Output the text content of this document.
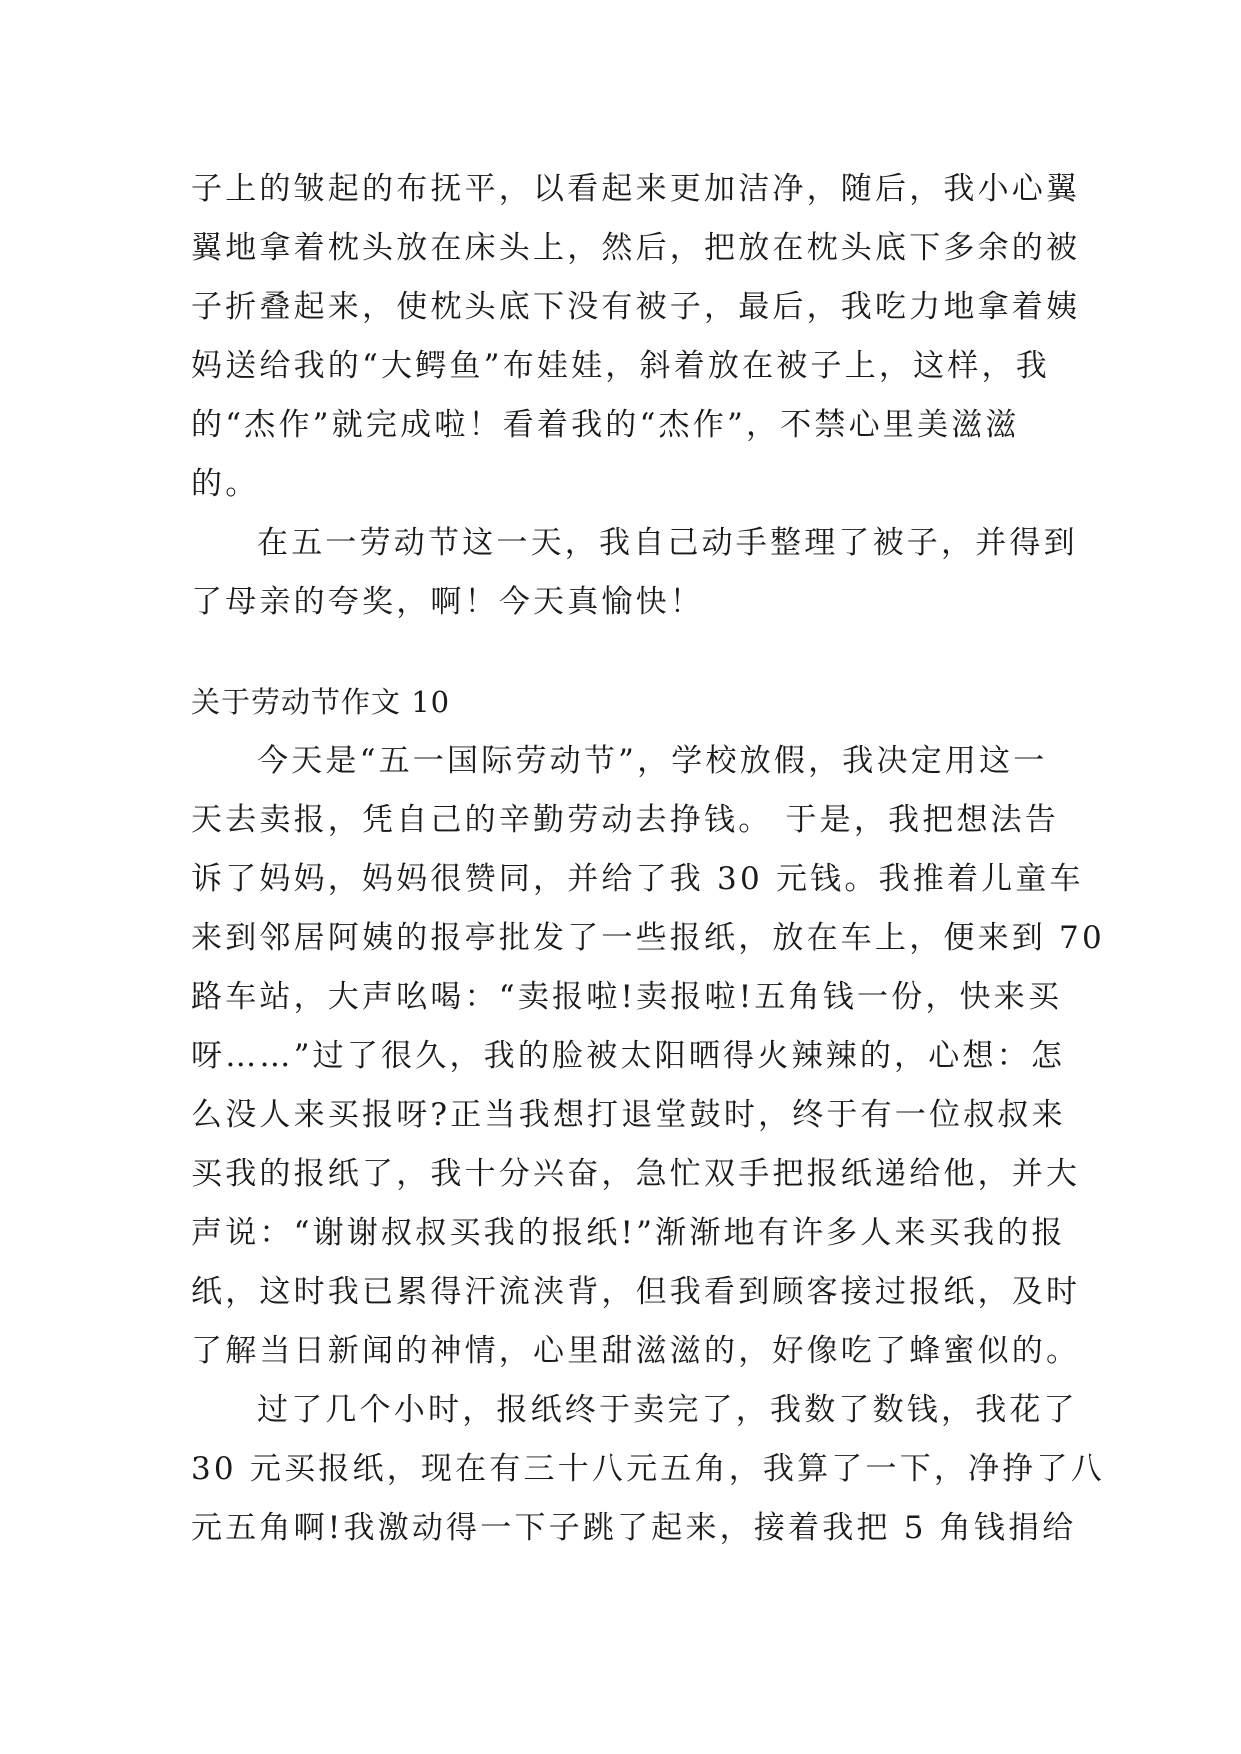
子上的皱起的布抚平，以看起来更加洁净，随后，我小心翼
翼地拿着枕头放在床头上，然后，把放在枕头底下多余的被
子折叠起来，使枕头底下没有被子，最后，我吃力地拿着姨
妈送给我的“大鳄鱼”布娃娃，斜着放在被子上，这样，我
的“杰作”就完成啦！看着我的“杰作”，不禁心里美滋滋
的。
在五一劳动节这一天，我自己动手整理了被子，并得到
了母亲的夸奖，啊！今天真愉快！
关于劳动节作文 10
今天是“五一国际劳动节”，学校放假，我决定用这一
天去卖报，凭自己的辛勤劳动去挣钱。 于是，我把想法告
诉了妈妈，妈妈很赞同，并给了我 30 元钱。我推着儿童车
来到邻居阿姨的报亭批发了一些报纸，放在车上，便来到 70
路车站，大声吆喝：“卖报啦!卖报啦!五角钱一份，快来买
呀……”过了很久，我的脸被太阳晒得火辣辣的，心想：怎
么没人来买报呀?正当我想打退堂鼓时，终于有一位叔叔来
买我的报纸了，我十分兴奋，急忙双手把报纸递给他，并大
声说：“谢谢叔叔买我的报纸!”渐渐地有许多人来买我的报
纸，这时我已累得汗流浃背，但我看到顾客接过报纸，及时
了解当日新闻的神情，心里甜滋滋的，好像吃了蜂蜜似的。
过了几个小时，报纸终于卖完了，我数了数钱，我花了
30 元买报纸，现在有三十八元五角，我算了一下，净挣了八
元五角啊!我激动得一下子跳了起来，接着我把 5 角钱捐给
